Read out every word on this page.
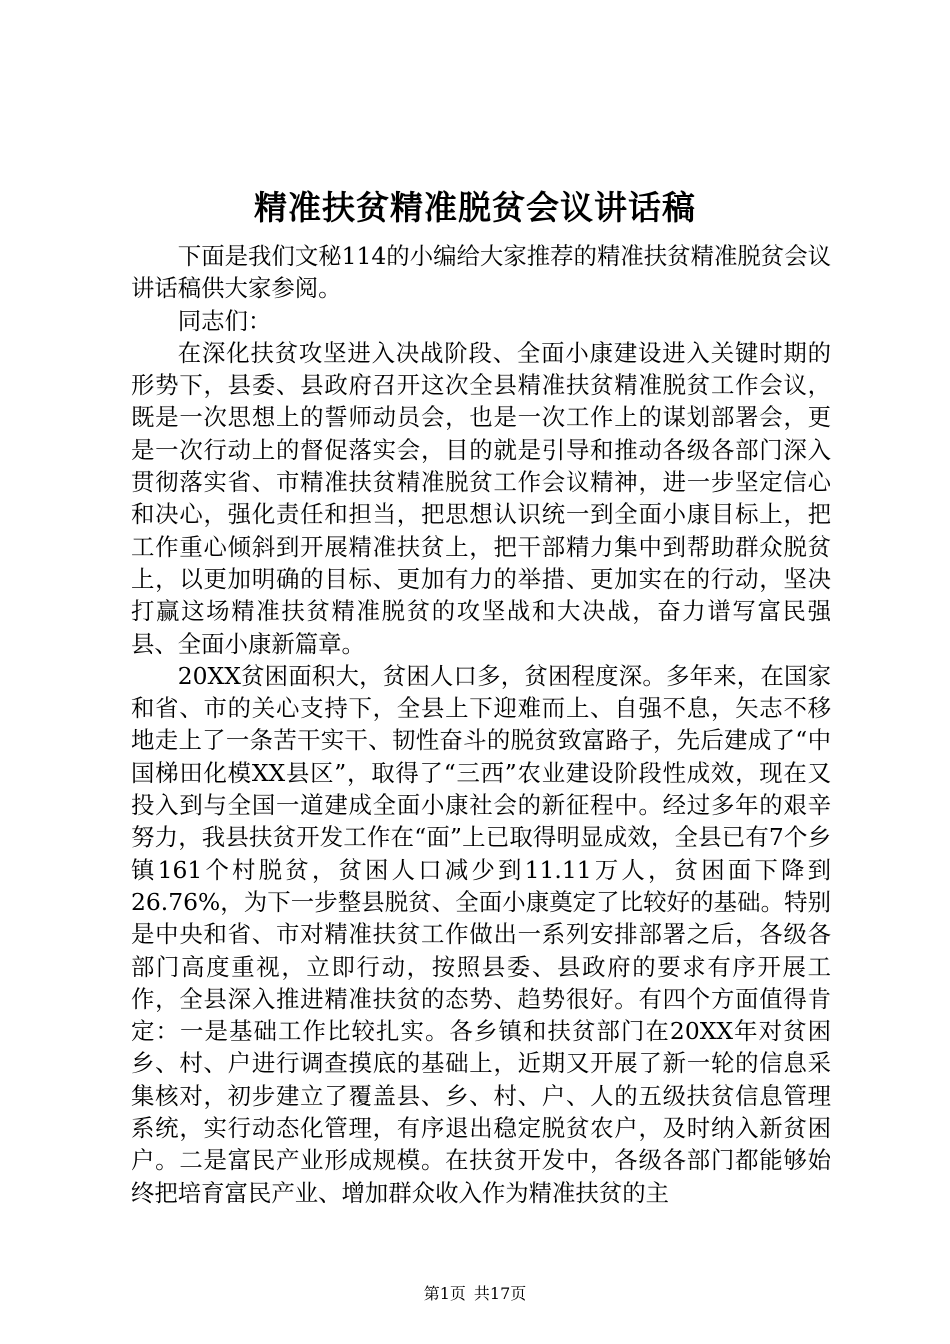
精准扶贫精准脱贫会议讲话稿

下面是我们文秘114的小编给大家推荐的精准扶贫精准脱贫会议讲话稿供大家参阅。

同志们：

在深化扶贫攻坚进入决战阶段、全面小康建设进入关键时期的形势下，县委、县政府召开这次全县精准扶贫精准脱贫工作会议，既是一次思想上的誓师动员会，也是一次工作上的谋划部署会，更是一次行动上的督促落实会，目的就是引导和推动各级各部门深入贯彻落实省、市精准扶贫精准脱贫工作会议精神，进一步坚定信心和决心，强化责任和担当，把思想认识统一到全面小康目标上，把工作重心倾斜到开展精准扶贫上，把干部精力集中到帮助群众脱贫上，以更加明确的目标、更加有力的举措、更加实在的行动，坚决打赢这场精准扶贫精准脱贫的攻坚战和大决战，奋力谱写富民强县、全面小康新篇章。

20XX贫困面积大，贫困人口多，贫困程度深。多年来，在国家和省、市的关心支持下，全县上下迎难而上、自强不息，矢志不移地走上了一条苦干实干、韧性奋斗的脱贫致富路子，先后建成了“中国梯田化模XX县区”，取得了“三西”农业建设阶段性成效，现在又投入到与全国一道建成全面小康社会的新征程中。经过多年的艰辛努力，我县扶贫开发工作在“面”上已取得明显成效，全县已有7个乡镇161个村脱贫，贫困人口减少到11.11万人，贫困面下降到26.76%，为下一步整县脱贫、全面小康奠定了比较好的基础。特别是中央和省、市对精准扶贫工作做出一系列安排部署之后，各级各部门高度重视，立即行动，按照县委、县政府的要求有序开展工作，全县深入推进精准扶贫的态势、趋势很好。有四个方面值得肯定：一是基础工作比较扎实。各乡镇和扶贫部门在20XX年对贫困乡、村、户进行调查摸底的基础上，近期又开展了新一轮的信息采集核对，初步建立了覆盖县、乡、村、户、人的五级扶贫信息管理系统，实行动态化管理，有序退出稳定脱贫农户，及时纳入新贫困户。二是富民产业形成规模。在扶贫开发中，各级各部门都能够始终把培育富民产业、增加群众收入作为精准扶贫的主

第1页 共17页
